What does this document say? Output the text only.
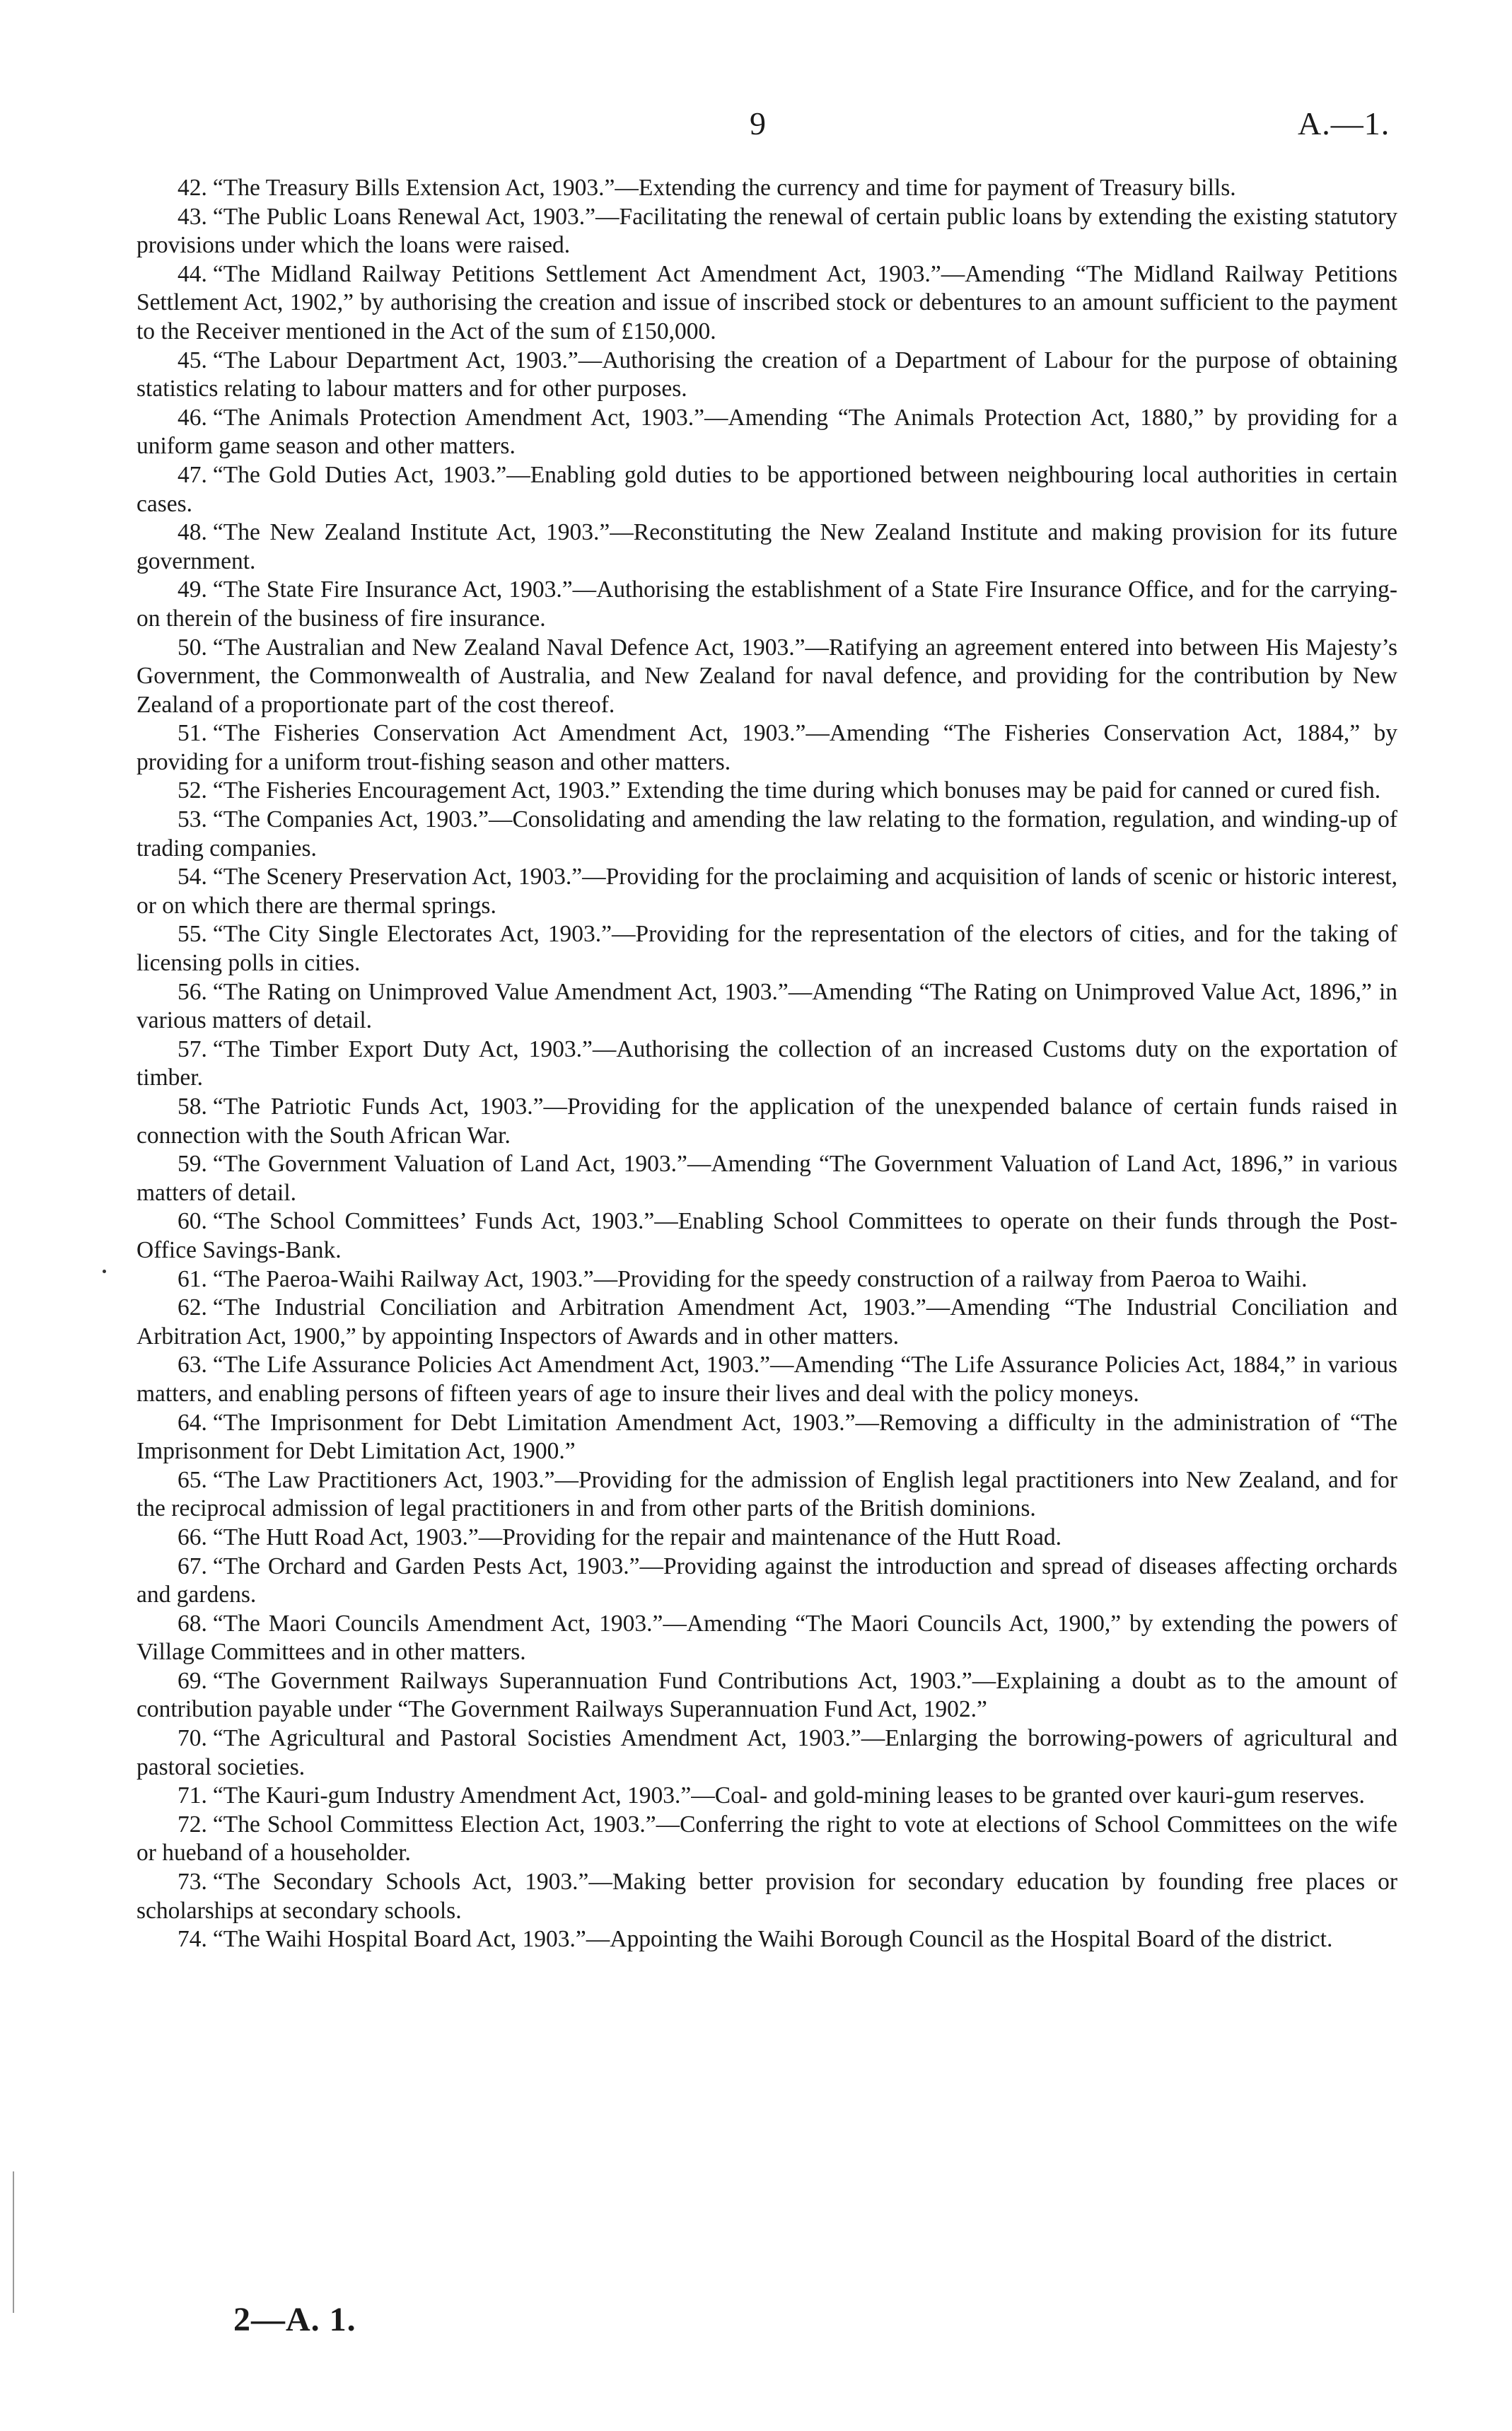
9	A.—1.

42. “The Treasury Bills Extension Act, 1903.”—Extending the currency and time for payment of Treasury bills.

43. “The Public Loans Renewal Act, 1903.”—Facilitating the renewal of certain public loans by extending the existing statutory provisions under which the loans were raised.

44. “The Midland Railway Petitions Settlement Act Amendment Act, 1903.”—Amending “The Midland Railway Petitions Settlement Act, 1902,” by authorising the creation and issue of inscribed stock or debentures to an amount sufficient to the payment to the Receiver mentioned in the Act of the sum of £150,000.

45. “The Labour Department Act, 1903.”—Authorising the creation of a Department of Labour for the purpose of obtaining statistics relating to labour matters and for other purposes.

46. “The Animals Protection Amendment Act, 1903.”—Amending “The Animals Protection Act, 1880,” by providing for a uniform game season and other matters.

47. “The Gold Duties Act, 1903.”—Enabling gold duties to be apportioned between neighbouring local authorities in certain cases.

48. “The New Zealand Institute Act, 1903.”—Reconstituting the New Zealand Institute and making provision for its future government.

49. “The State Fire Insurance Act, 1903.”—Authorising the establishment of a State Fire Insurance Office, and for the carrying-on therein of the business of fire insurance.

50. “The Australian and New Zealand Naval Defence Act, 1903.”—Ratifying an agreement entered into between His Majesty’s Government, the Commonwealth of Australia, and New Zealand for naval defence, and providing for the contribution by New Zealand of a proportionate part of the cost thereof.

51. “The Fisheries Conservation Act Amendment Act, 1903.”—Amending “The Fisheries Conservation Act, 1884,” by providing for a uniform trout-fishing season and other matters.

52. “The Fisheries Encouragement Act, 1903.” Extending the time during which bonuses may be paid for canned or cured fish.

53. “The Companies Act, 1903.”—Consolidating and amending the law relating to the formation, regulation, and winding-up of trading companies.

54. “The Scenery Preservation Act, 1903.”—Providing for the proclaiming and acquisition of lands of scenic or historic interest, or on which there are thermal springs.

55. “The City Single Electorates Act, 1903.”—Providing for the representation of the electors of cities, and for the taking of licensing polls in cities.

56. “The Rating on Unimproved Value Amendment Act, 1903.”—Amending “The Rating on Unimproved Value Act, 1896,” in various matters of detail.

57. “The Timber Export Duty Act, 1903.”—Authorising the collection of an increased Customs duty on the exportation of timber.

58. “The Patriotic Funds Act, 1903.”—Providing for the application of the unexpended balance of certain funds raised in connection with the South African War.

59. “The Government Valuation of Land Act, 1903.”—Amending “The Government Valuation of Land Act, 1896,” in various matters of detail.

60. “The School Committees’ Funds Act, 1903.”—Enabling School Committees to operate on their funds through the Post-Office Savings-Bank.

61. “The Paeroa-Waihi Railway Act, 1903.”—Providing for the speedy construction of a railway from Paeroa to Waihi.

62. “The Industrial Conciliation and Arbitration Amendment Act, 1903.”—Amending “The Industrial Conciliation and Arbitration Act, 1900,” by appointing Inspectors of Awards and in other matters.

63. “The Life Assurance Policies Act Amendment Act, 1903.”—Amending “The Life Assurance Policies Act, 1884,” in various matters, and enabling persons of fifteen years of age to insure their lives and deal with the policy moneys.

64. “The Imprisonment for Debt Limitation Amendment Act, 1903.”—Removing a difficulty in the administration of “The Imprisonment for Debt Limitation Act, 1900.”

65. “The Law Practitioners Act, 1903.”—Providing for the admission of English legal practitioners into New Zealand, and for the reciprocal admission of legal practitioners in and from other parts of the British dominions.

66. “The Hutt Road Act, 1903.”—Providing for the repair and maintenance of the Hutt Road.

67. “The Orchard and Garden Pests Act, 1903.”—Providing against the introduction and spread of diseases affecting orchards and gardens.

68. “The Maori Councils Amendment Act, 1903.”—Amending “The Maori Councils Act, 1900,” by extending the powers of Village Committees and in other matters.

69. “The Government Railways Superannuation Fund Contributions Act, 1903.”—Explaining a doubt as to the amount of contribution payable under “The Government Railways Superannuation Fund Act, 1902.”

70. “The Agricultural and Pastoral Socisties Amendment Act, 1903.”—Enlarging the borrowing-powers of agricultural and pastoral societies.

71. “The Kauri-gum Industry Amendment Act, 1903.”—Coal- and gold-mining leases to be granted over kauri-gum reserves.

72. “The School Committess Election Act, 1903.”—Conferring the right to vote at elections of School Committees on the wife or hueband of a householder.

73. “The Secondary Schools Act, 1903.”—Making better provision for secondary education by founding free places or scholarships at secondary schools.

74. “The Waihi Hospital Board Act, 1903.”—Appointing the Waihi Borough Council as the Hospital Board of the district.

2—A. 1.
